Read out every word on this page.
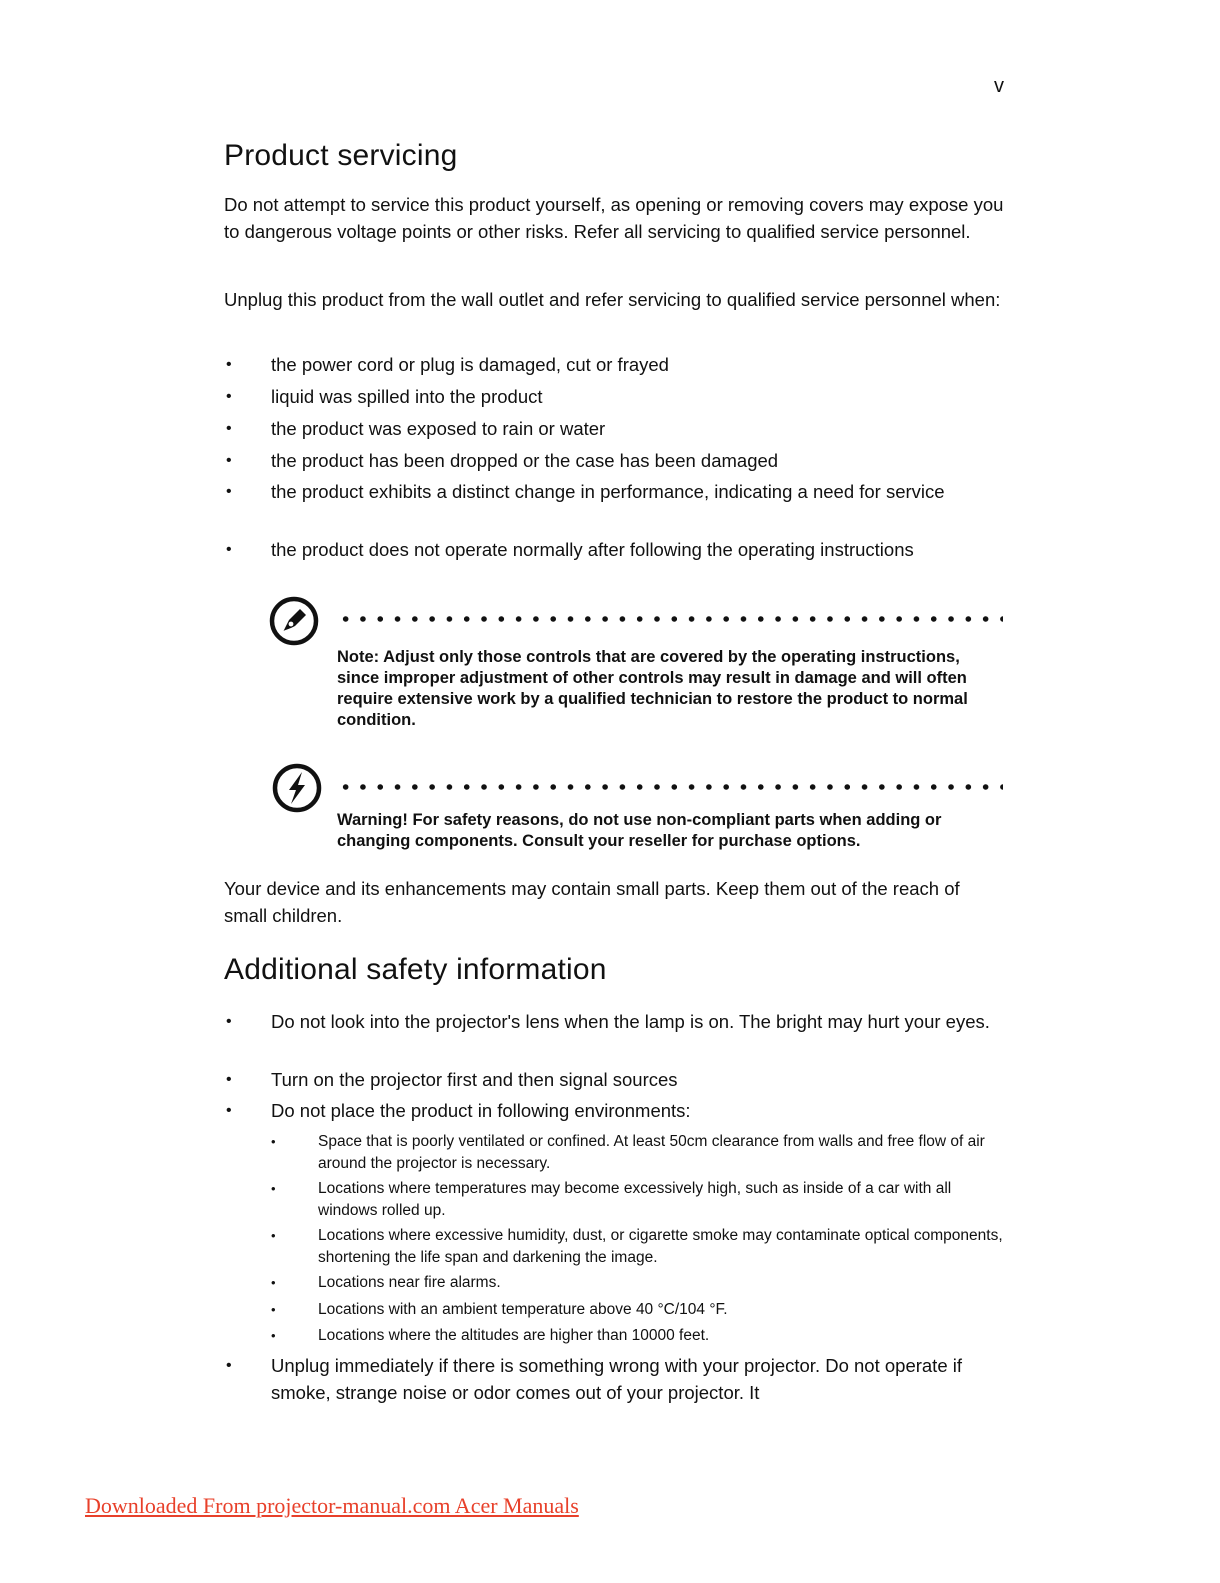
v
Product servicing

Do not attempt to service this product yourself, as opening or removing covers may expose you to dangerous voltage points or other risks. Refer all servicing to qualified service personnel.

Unplug this product from the wall outlet and refer servicing to qualified service personnel when:

• the power cord or plug is damaged, cut or frayed
• liquid was spilled into the product
• the product was exposed to rain or water
• the product has been dropped or the case has been damaged
• the product exhibits a distinct change in performance, indicating a need for service
• the product does not operate normally after following the operating instructions
Note: Adjust only those controls that are covered by the operating instructions, since improper adjustment of other controls may result in damage and will often require extensive work by a qualified technician to restore the product to normal condition.
Warning! For safety reasons, do not use non-compliant parts when adding or changing components. Consult your reseller for purchase options.

Your device and its enhancements may contain small parts. Keep them out of the reach of small children.

Additional safety information
• Do not look into the projector's lens when the lamp is on. The bright may hurt your eyes.
• Turn on the projector first and then signal sources
• Do not place the product in following environments:
•	Space that is poorly ventilated or confined. At least 50cm clearance from walls and free flow of air around the projector is necessary.
•	Locations where temperatures may become excessively high, such as inside of a car with all windows rolled up.
•	Locations where excessive humidity, dust, or cigarette smoke may contaminate optical components, shortening the life span and darkening the image.
•	Locations near fire alarms.
•	Locations with an ambient temperature above 40 °C/104 °F.
•	Locations where the altitudes are higher than 10000 feet.
• Unplug immediately if there is something wrong with your projector. Do not operate if smoke, strange noise or odor comes out of your projector. It
Downloaded From projector-manual.com Acer Manuals
